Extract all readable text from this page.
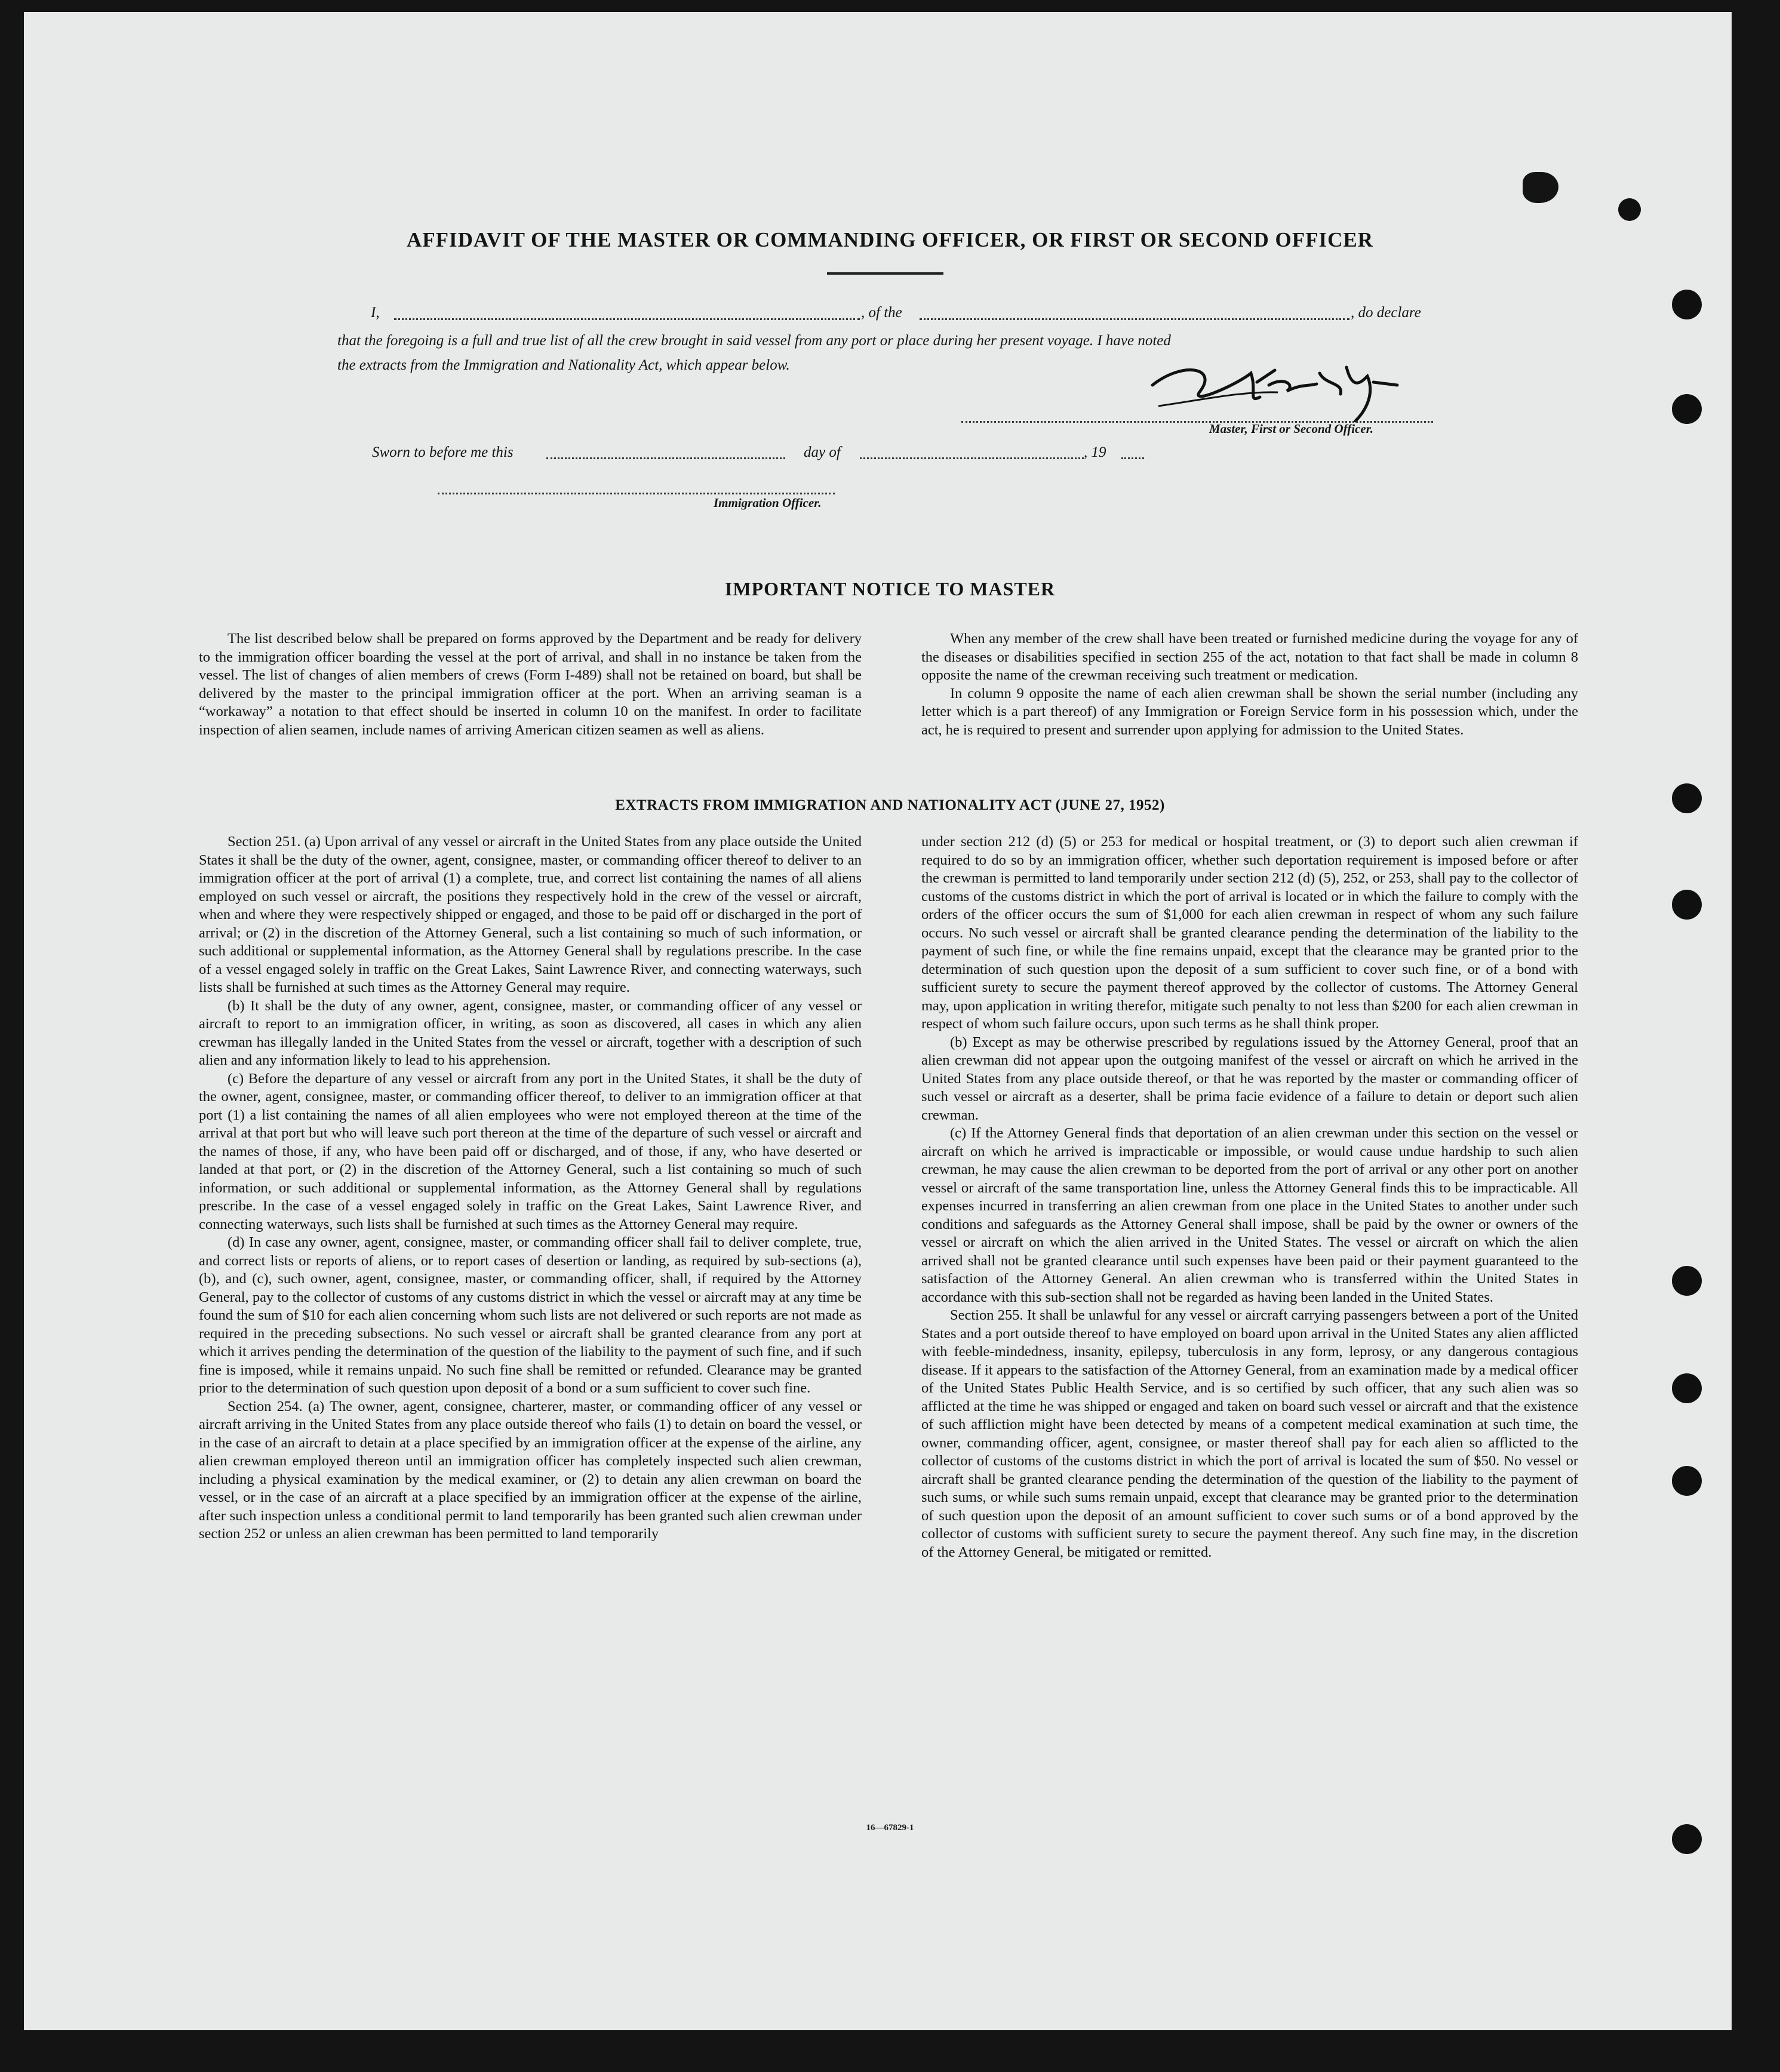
AFFIDAVIT OF THE MASTER OR COMMANDING OFFICER, OR FIRST OR SECOND OFFICER
I,	, of the	, do declare
that the foregoing is a full and true list of all the crew brought in said vessel from any port or place during her present voyage. I have noted
the extracts from the Immigration and Nationality Act, which appear below.
Master, First or Second Officer.
Sworn to before me this	day of	, 19
Immigration Officer.
IMPORTANT NOTICE TO MASTER

The list described below shall be prepared on forms approved by the Department and be ready for delivery to the immigration officer boarding the vessel at the port of arrival, and shall in no instance be taken from the vessel. The list of changes of alien members of crews (Form I-489) shall not be retained on board, but shall be delivered by the master to the principal immigration officer at the port. When an arriving seaman is a “workaway” a notation to that effect should be inserted in column 10 on the manifest. In order to facilitate inspection of alien seamen, include names of arriving American citizen seamen as well as aliens.

When any member of the crew shall have been treated or furnished medicine during the voyage for any of the diseases or disabilities specified in section 255 of the act, notation to that fact shall be made in column 8 opposite the name of the crewman receiving such treatment or medication.

In column 9 opposite the name of each alien crewman shall be shown the serial number (including any letter which is a part thereof) of any Immigration or Foreign Service form in his possession which, under the act, he is required to present and surrender upon applying for admission to the United States.

EXTRACTS FROM IMMIGRATION AND NATIONALITY ACT (JUNE 27, 1952)

Section 251. (a) Upon arrival of any vessel or aircraft in the United States from any place outside the United States it shall be the duty of the owner, agent, consignee, master, or commanding officer thereof to deliver to an immigration officer at the port of arrival (1) a complete, true, and correct list containing the names of all aliens employed on such vessel or aircraft, the positions they respectively hold in the crew of the vessel or aircraft, when and where they were respectively shipped or engaged, and those to be paid off or discharged in the port of arrival; or (2) in the discretion of the Attorney General, such a list containing so much of such information, or such additional or supplemental information, as the Attorney General shall by regulations prescribe. In the case of a vessel engaged solely in traffic on the Great Lakes, Saint Lawrence River, and connecting waterways, such lists shall be furnished at such times as the Attorney General may require.

(b) It shall be the duty of any owner, agent, consignee, master, or commanding officer of any vessel or aircraft to report to an immigration officer, in writing, as soon as discovered, all cases in which any alien crewman has illegally landed in the United States from the vessel or aircraft, together with a description of such alien and any information likely to lead to his apprehension.

(c) Before the departure of any vessel or aircraft from any port in the United States, it shall be the duty of the owner, agent, consignee, master, or commanding officer thereof, to deliver to an immigration officer at that port (1) a list containing the names of all alien employees who were not employed thereon at the time of the arrival at that port but who will leave such port thereon at the time of the departure of such vessel or aircraft and the names of those, if any, who have been paid off or discharged, and of those, if any, who have deserted or landed at that port, or (2) in the discretion of the Attorney General, such a list containing so much of such information, or such additional or supplemental information, as the Attorney General shall by regulations prescribe. In the case of a vessel engaged solely in traffic on the Great Lakes, Saint Lawrence River, and connecting waterways, such lists shall be furnished at such times as the Attorney General may require.

(d) In case any owner, agent, consignee, master, or commanding officer shall fail to deliver complete, true, and correct lists or reports of aliens, or to report cases of desertion or landing, as required by sub-sections (a), (b), and (c), such owner, agent, consignee, master, or commanding officer, shall, if required by the Attorney General, pay to the collector of customs of any customs district in which the vessel or aircraft may at any time be found the sum of $10 for each alien concerning whom such lists are not delivered or such reports are not made as required in the preceding subsections. No such vessel or aircraft shall be granted clearance from any port at which it arrives pending the determination of the question of the liability to the payment of such fine, and if such fine is imposed, while it remains unpaid. No such fine shall be remitted or refunded. Clearance may be granted prior to the determination of such question upon deposit of a bond or a sum sufficient to cover such fine.

Section 254. (a) The owner, agent, consignee, charterer, master, or commanding officer of any vessel or aircraft arriving in the United States from any place outside thereof who fails (1) to detain on board the vessel, or in the case of an aircraft to detain at a place specified by an immigration officer at the expense of the airline, any alien crewman employed thereon until an immigration officer has completely inspected such alien crewman, including a physical examination by the medical examiner, or (2) to detain any alien crewman on board the vessel, or in the case of an aircraft at a place specified by an immigration officer at the expense of the airline, after such inspection unless a conditional permit to land temporarily has been granted such alien crewman under section 252 or unless an alien crewman has been permitted to land temporarily

under section 212 (d) (5) or 253 for medical or hospital treatment, or (3) to deport such alien crewman if required to do so by an immigration officer, whether such deportation requirement is imposed before or after the crewman is permitted to land temporarily under section 212 (d) (5), 252, or 253, shall pay to the collector of customs of the customs district in which the port of arrival is located or in which the failure to comply with the orders of the officer occurs the sum of $1,000 for each alien crewman in respect of whom any such failure occurs. No such vessel or aircraft shall be granted clearance pending the determination of the liability to the payment of such fine, or while the fine remains unpaid, except that the clearance may be granted prior to the determination of such question upon the deposit of a sum sufficient to cover such fine, or of a bond with sufficient surety to secure the payment thereof approved by the collector of customs. The Attorney General may, upon application in writing therefor, mitigate such penalty to not less than $200 for each alien crewman in respect of whom such failure occurs, upon such terms as he shall think proper.

(b) Except as may be otherwise prescribed by regulations issued by the Attorney General, proof that an alien crewman did not appear upon the outgoing manifest of the vessel or aircraft on which he arrived in the United States from any place outside thereof, or that he was reported by the master or commanding officer of such vessel or aircraft as a deserter, shall be prima facie evidence of a failure to detain or deport such alien crewman.

(c) If the Attorney General finds that deportation of an alien crewman under this section on the vessel or aircraft on which he arrived is impracticable or impossible, or would cause undue hardship to such alien crewman, he may cause the alien crewman to be deported from the port of arrival or any other port on another vessel or aircraft of the same transportation line, unless the Attorney General finds this to be impracticable. All expenses incurred in transferring an alien crewman from one place in the United States to another under such conditions and safeguards as the Attorney General shall impose, shall be paid by the owner or owners of the vessel or aircraft on which the alien arrived in the United States. The vessel or aircraft on which the alien arrived shall not be granted clearance until such expenses have been paid or their payment guaranteed to the satisfaction of the Attorney General. An alien crewman who is transferred within the United States in accordance with this sub-section shall not be regarded as having been landed in the United States.

Section 255. It shall be unlawful for any vessel or aircraft carrying passengers between a port of the United States and a port outside thereof to have employed on board upon arrival in the United States any alien afflicted with feeble-mindedness, insanity, epilepsy, tuberculosis in any form, leprosy, or any dangerous contagious disease. If it appears to the satisfaction of the Attorney General, from an examination made by a medical officer of the United States Public Health Service, and is so certified by such officer, that any such alien was so afflicted at the time he was shipped or engaged and taken on board such vessel or aircraft and that the existence of such affliction might have been detected by means of a competent medical examination at such time, the owner, commanding officer, agent, consignee, or master thereof shall pay for each alien so afflicted to the collector of customs of the customs district in which the port of arrival is located the sum of $50. No vessel or aircraft shall be granted clearance pending the determination of the question of the liability to the payment of such sums, or while such sums remain unpaid, except that clearance may be granted prior to the determination of such question upon the deposit of an amount sufficient to cover such sums or of a bond approved by the collector of customs with sufficient surety to secure the payment thereof. Any such fine may, in the discretion of the Attorney General, be mitigated or remitted.

16—67829-1
